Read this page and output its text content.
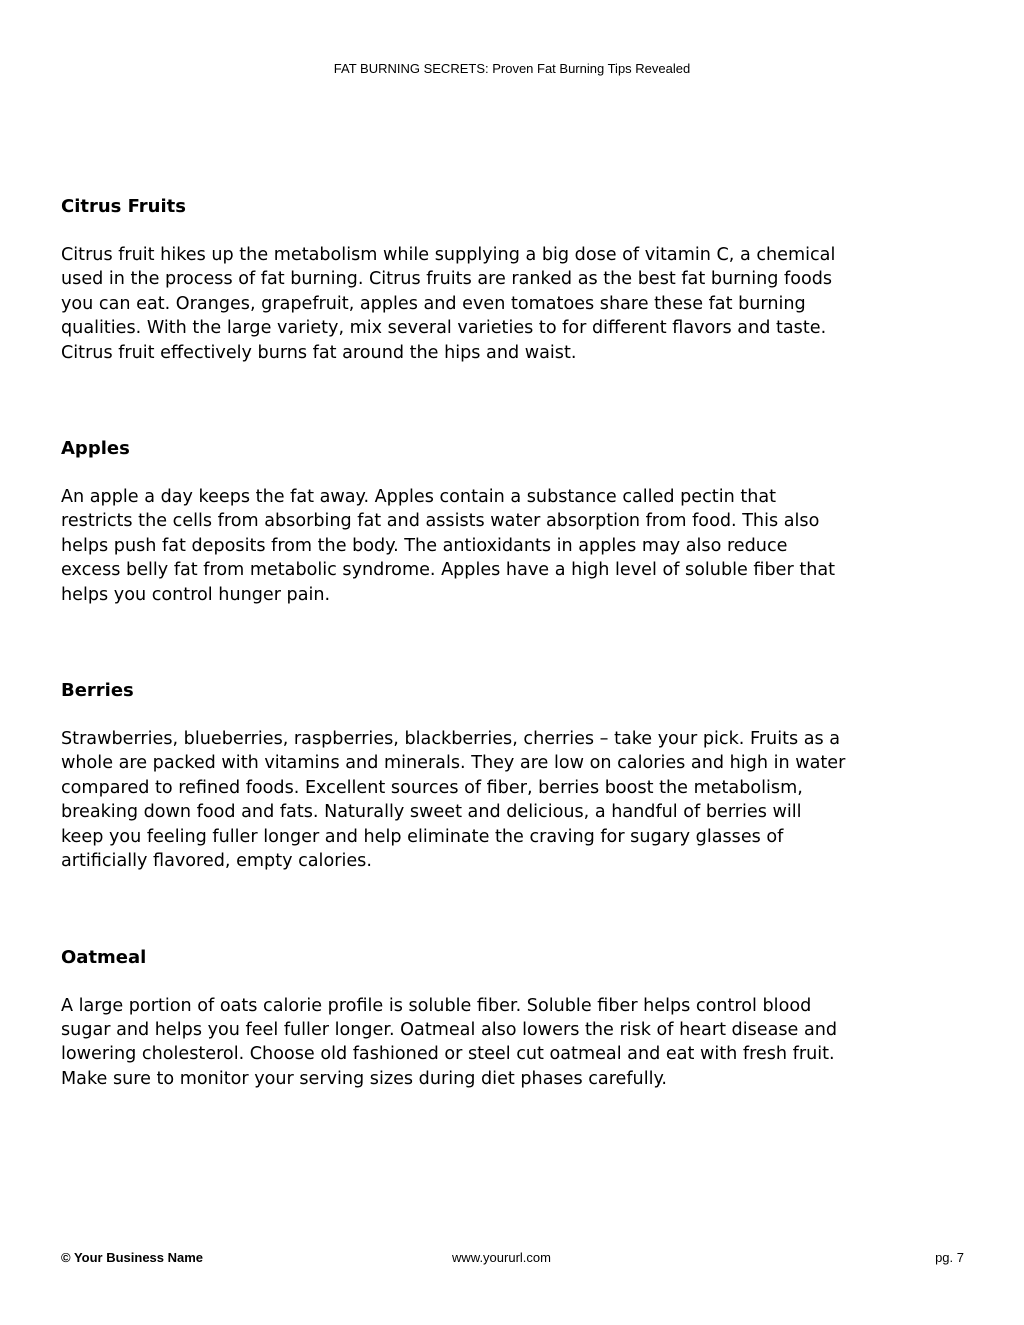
FAT BURNING SECRETS: Proven Fat Burning Tips Revealed
Citrus Fruits

Citrus fruit hikes up the metabolism while supplying a big dose of vitamin C, a chemical
used in the process of fat burning. Citrus fruits are ranked as the best fat burning foods
you can eat. Oranges, grapefruit, apples and even tomatoes share these fat burning
qualities. With the large variety, mix several varieties to for different flavors and taste.
Citrus fruit effectively burns fat around the hips and waist.

Apples

An apple a day keeps the fat away. Apples contain a substance called pectin that
restricts the cells from absorbing fat and assists water absorption from food. This also
helps push fat deposits from the body. The antioxidants in apples may also reduce
excess belly fat from metabolic syndrome. Apples have a high level of soluble fiber that
helps you control hunger pain.

Berries

Strawberries, blueberries, raspberries, blackberries, cherries – take your pick. Fruits as a
whole are packed with vitamins and minerals. They are low on calories and high in water
compared to refined foods. Excellent sources of fiber, berries boost the metabolism,
breaking down food and fats. Naturally sweet and delicious, a handful of berries will
keep you feeling fuller longer and help eliminate the craving for sugary glasses of
artificially flavored, empty calories.

Oatmeal

A large portion of oats calorie profile is soluble fiber. Soluble fiber helps control blood
sugar and helps you feel fuller longer. Oatmeal also lowers the risk of heart disease and
lowering cholesterol. Choose old fashioned or steel cut oatmeal and eat with fresh fruit.
Make sure to monitor your serving sizes during diet phases carefully.

© Your Business Name	www.yoururl.com	pg. 7
